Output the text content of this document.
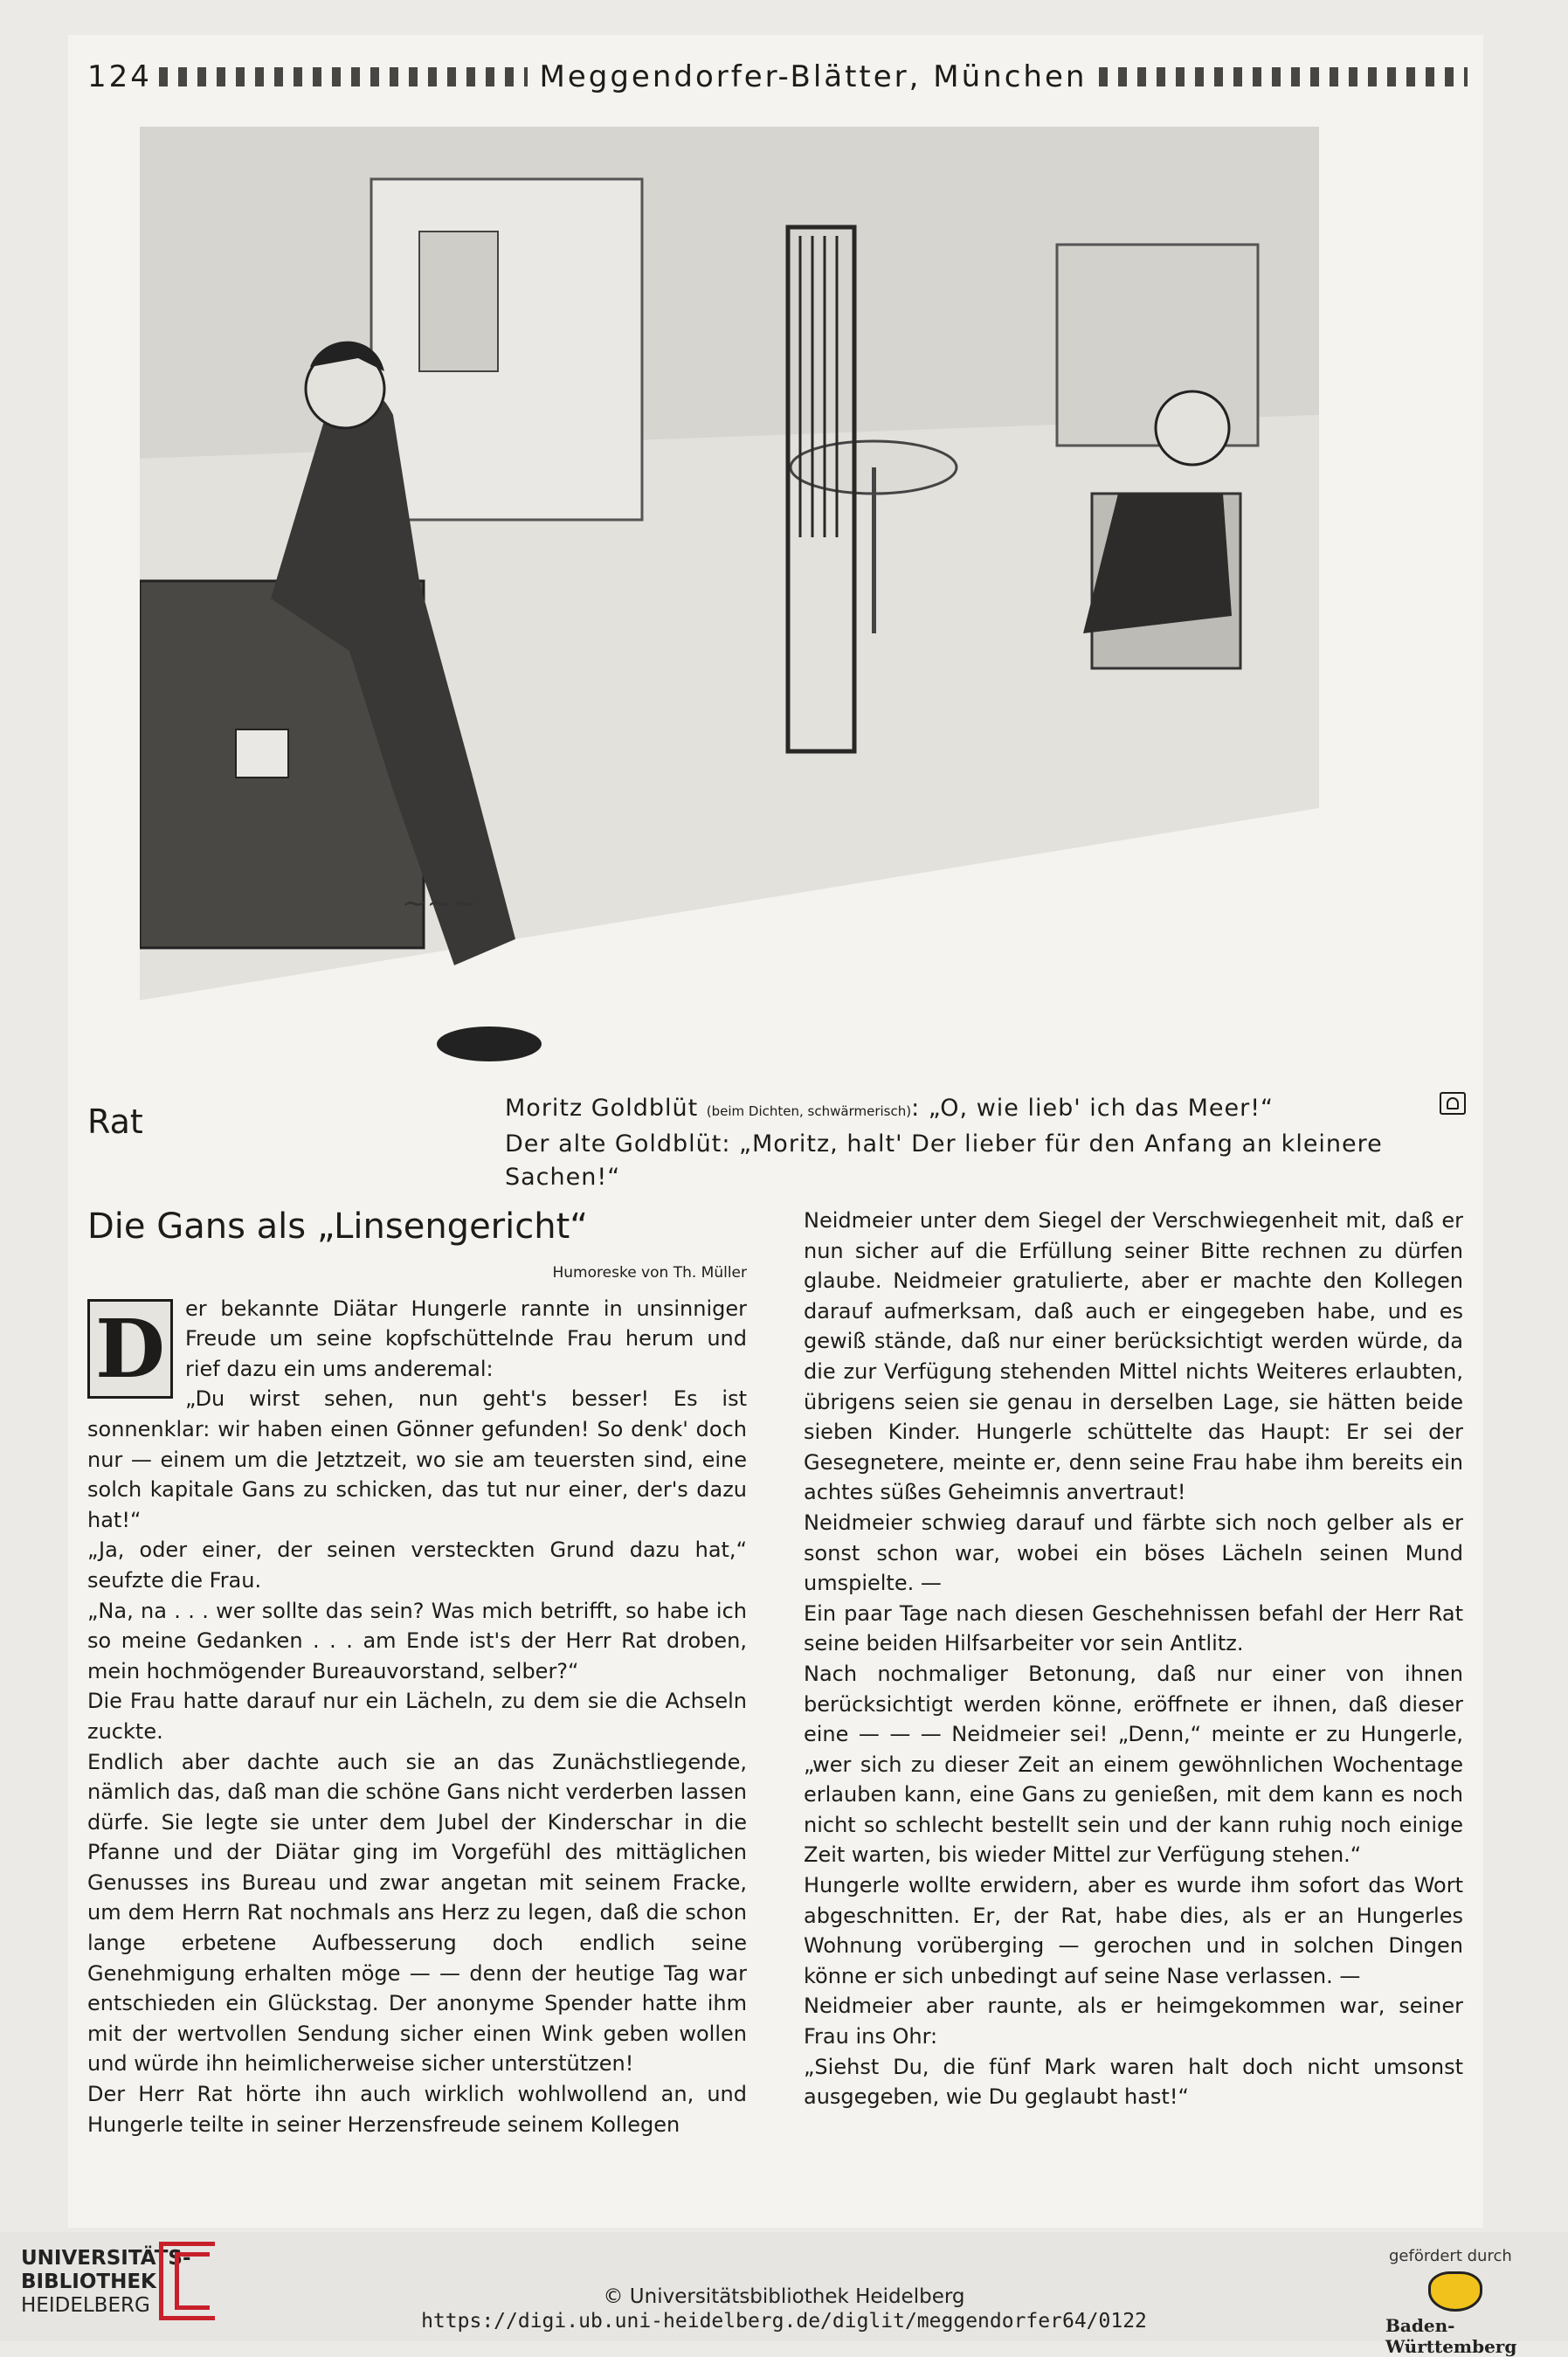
124	Meggendorfer-Blätter, München
~~~
Rat	Moritz Goldblüt (beim Dichten, schwärmerisch): „O, wie lieb' ich das Meer!“
Der alte Goldblüt: „Moritz, halt' Der lieber für den Anfang an kleinere Sachen!“
Die Gans als „Linsengericht“
Humoreske von Th. Müller
D er bekannte Diätar Hungerle rannte in unsinniger Freude um seine kopfschüttelnde Frau herum und rief dazu ein ums anderemal:

„Du wirst sehen, nun geht's besser! Es ist sonnenklar: wir haben einen Gönner gefunden! So denk' doch nur — einem um die Jetztzeit, wo sie am teuersten sind, eine solch kapitale Gans zu schicken, das tut nur einer, der's dazu hat!“

„Ja, oder einer, der seinen versteckten Grund dazu hat,“ seufzte die Frau.

„Na, na . . . wer sollte das sein? Was mich betrifft, so habe ich so meine Gedanken . . . am Ende ist's der Herr Rat droben, mein hochmögender Bureauvorstand, selber?“

Die Frau hatte darauf nur ein Lächeln, zu dem sie die Achseln zuckte.

Endlich aber dachte auch sie an das Zunächstliegende, nämlich das, daß man die schöne Gans nicht verderben lassen dürfe. Sie legte sie unter dem Jubel der Kinderschar in die Pfanne und der Diätar ging im Vorgefühl des mittäglichen Genusses ins Bureau und zwar angetan mit seinem Fracke, um dem Herrn Rat nochmals ans Herz zu legen, daß die schon lange erbetene Aufbesserung doch endlich seine Genehmigung erhalten möge — — denn der heutige Tag war entschieden ein Glückstag. Der anonyme Spender hatte ihm mit der wertvollen Sendung sicher einen Wink geben wollen und würde ihn heimlicherweise sicher unterstützen!

Der Herr Rat hörte ihn auch wirklich wohlwollend an, und Hungerle teilte in seiner Herzensfreude seinem Kollegen

Neidmeier unter dem Siegel der Verschwiegenheit mit, daß er nun sicher auf die Erfüllung seiner Bitte rechnen zu dürfen glaube. Neidmeier gratulierte, aber er machte den Kollegen darauf aufmerksam, daß auch er eingegeben habe, und es gewiß stände, daß nur einer berücksichtigt werden würde, da die zur Verfügung stehenden Mittel nichts Weiteres erlaubten, übrigens seien sie genau in derselben Lage, sie hätten beide sieben Kinder. Hungerle schüttelte das Haupt: Er sei der Gesegnetere, meinte er, denn seine Frau habe ihm bereits ein achtes süßes Geheimnis anvertraut!

Neidmeier schwieg darauf und färbte sich noch gelber als er sonst schon war, wobei ein böses Lächeln seinen Mund umspielte. —

Ein paar Tage nach diesen Geschehnissen befahl der Herr Rat seine beiden Hilfsarbeiter vor sein Antlitz.

Nach nochmaliger Betonung, daß nur einer von ihnen berücksichtigt werden könne, eröffnete er ihnen, daß dieser eine — — — Neidmeier sei! „Denn,“ meinte er zu Hungerle, „wer sich zu dieser Zeit an einem gewöhnlichen Wochentage erlauben kann, eine Gans zu genießen, mit dem kann es noch nicht so schlecht bestellt sein und der kann ruhig noch einige Zeit warten, bis wieder Mittel zur Verfügung stehen.“

Hungerle wollte erwidern, aber es wurde ihm sofort das Wort abgeschnitten. Er, der Rat, habe dies, als er an Hungerles Wohnung vorüberging — gerochen und in solchen Dingen könne er sich unbedingt auf seine Nase verlassen. —

Neidmeier aber raunte, als er heimgekommen war, seiner Frau ins Ohr:

„Siehst Du, die fünf Mark waren halt doch nicht umsonst ausgegeben, wie Du geglaubt hast!“

UNIVERSITÄTS-
BIBLIOTHEK
HEIDELBERG	© Universitätsbibliothek Heidelberg
https://digi.ub.uni-heidelberg.de/diglit/meggendorfer64/0122
gefördert durch
Baden-Württemberg
